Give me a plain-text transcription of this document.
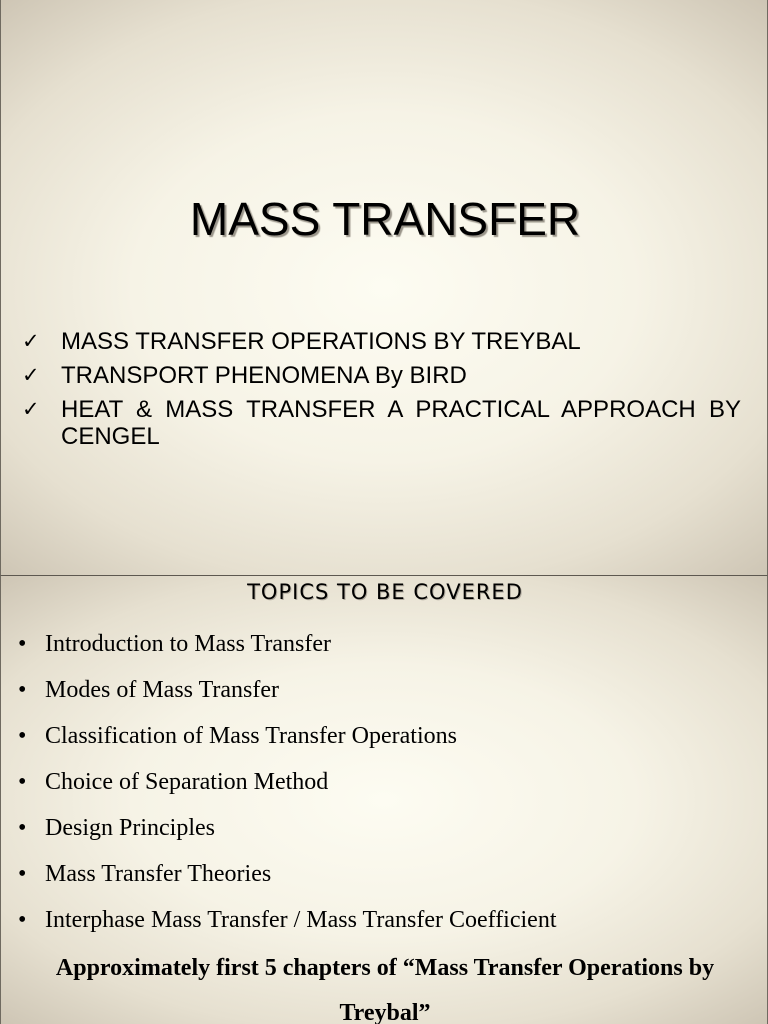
MASS TRANSFER
✓ MASS TRANSFER OPERATIONS BY TREYBAL
✓ TRANSPORT PHENOMENA By BIRD
✓ HEAT & MASS TRANSFER A PRACTICAL APPROACH BY CENGEL
TOPICS TO BE COVERED
• Introduction to Mass Transfer
• Modes of Mass Transfer
• Classification of Mass Transfer Operations
• Choice of Separation Method
• Design Principles
• Mass Transfer Theories
• Interphase Mass Transfer / Mass Transfer Coefficient

Approximately first 5 chapters of “Mass Transfer Operations by Treybal”
